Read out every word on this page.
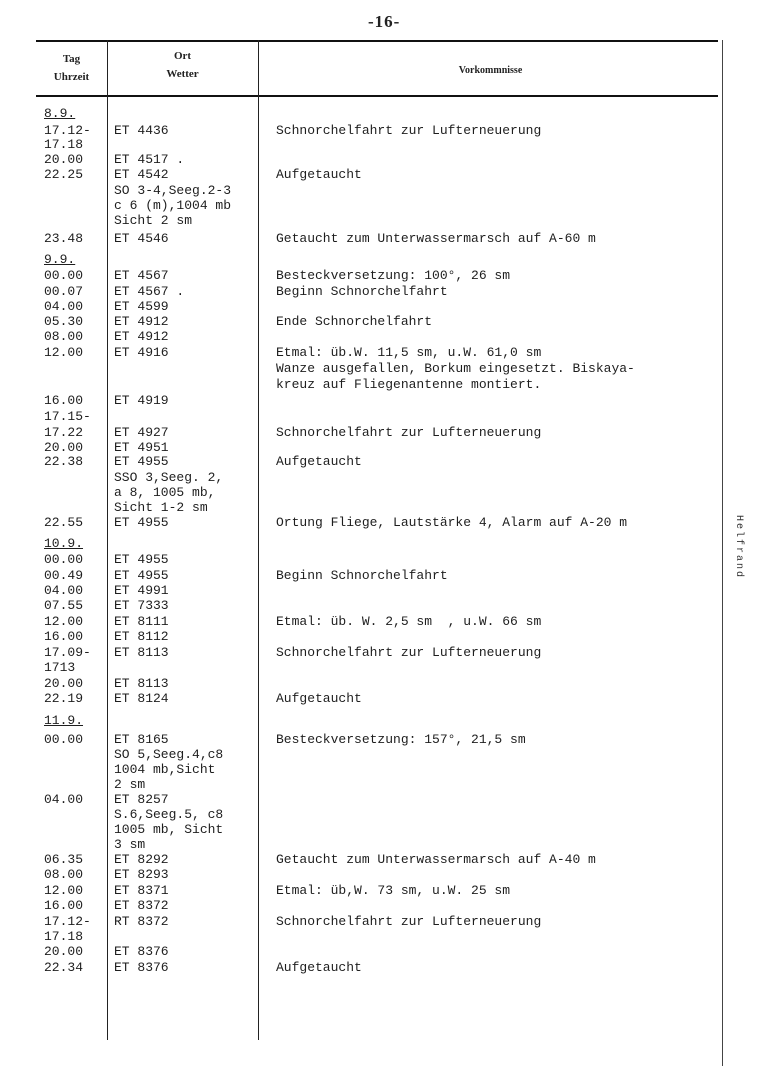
-16-
Tag
Uhrzeit
Ort
Wetter	Vorkommnisse
8.9.
17.12- ET 4436	Schnorchelfahrt zur Lufterneuerung
17.18
20.00 ET 4517 .
22.25 ET 4542	Aufgetaucht
SO 3-4,Seeg.2-3
c 6 (m),1004 mb
Sicht 2 sm
23.48 ET 4546	Getaucht zum Unterwassermarsch auf A-60 m
9.9.
00.00 ET 4567	Besteckversetzung: 100°, 26 sm
00.07 ET 4567 .	Beginn Schnorchelfahrt
04.00 ET 4599
05.30 ET 4912	Ende Schnorchelfahrt
08.00 ET 4912
12.00 ET 4916	Etmal: üb.W. 11,5 sm, u.W. 61,0 sm
Wanze ausgefallen, Borkum eingesetzt. Biskaya-
kreuz auf Fliegenantenne montiert.
16.00 ET 4919
17.15-
17.22 ET 4927	Schnorchelfahrt zur Lufterneuerung
20.00 ET 4951
22.38 ET 4955	Aufgetaucht
SSO 3,Seeg. 2,
a 8, 1005 mb,
Sicht 1-2 sm
22.55 ET 4955	Ortung Fliege, Lautstärke 4, Alarm auf A-20 m
10.9.
00.00 ET 4955
00.49 ET 4955	Beginn Schnorchelfahrt
04.00 ET 4991
07.55 ET 7333
12.00 ET 8111	Etmal: üb. W. 2,5 sm  , u.W. 66 sm
16.00 ET 8112
17.09- ET 8113	Schnorchelfahrt zur Lufterneuerung
1713
20.00 ET 8113
22.19 ET 8124	Aufgetaucht
11.9.
00.00 ET 8165	Besteckversetzung: 157°, 21,5 sm
SO 5,Seeg.4,c8
1004 mb,Sicht
2 sm
04.00 ET 8257
S.6,Seeg.5, c8
1005 mb, Sicht
3 sm
06.35 ET 8292	Getaucht zum Unterwassermarsch auf A-40 m
08.00 ET 8293
12.00 ET 8371	Etmal: üb,W. 73 sm, u.W. 25 sm
16.00 ET 8372
17.12- RT 8372	Schnorchelfahrt zur Lufterneuerung
17.18
20.00 ET 8376
22.34 ET 8376	Aufgetaucht
Helfrand
